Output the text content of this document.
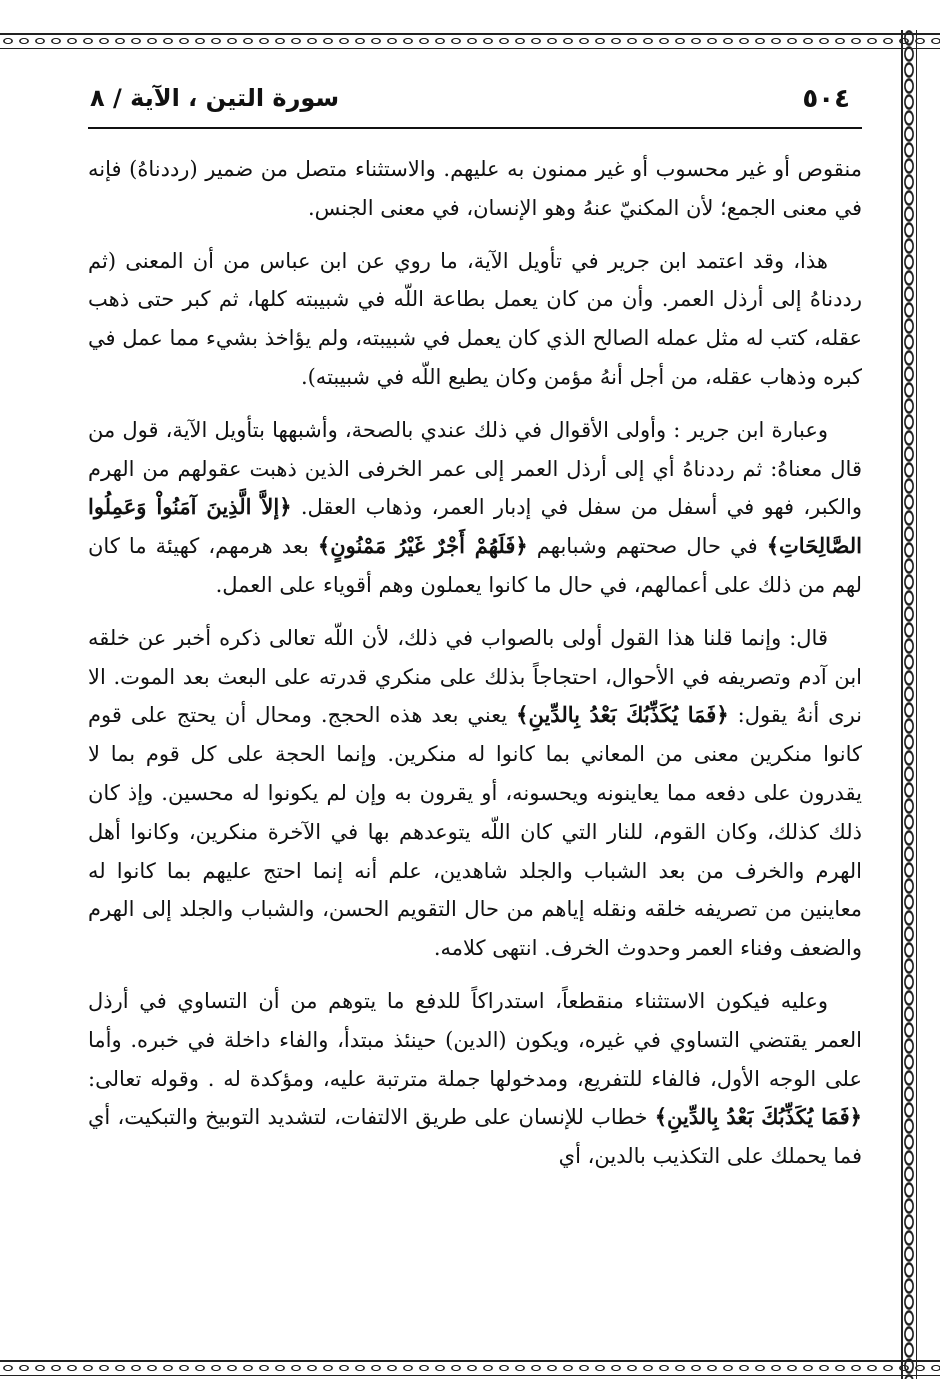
٥٠٤
سورة التين ، الآية / ٨

منقوص أو غير محسوب أو غير ممنون به عليهم. والاستثناء متصل من ضمير (رددناهُ) فإنه في معنى الجمع؛ لأن المكنيّ عنهُ وهو الإنسان، في معنى الجنس.

هذا، وقد اعتمد ابن جرير في تأويل الآية، ما روي عن ابن عباس من أن المعنى (ثم رددناهُ إلى أرذل العمر. وأن من كان يعمل بطاعة اللّه في شبيبته كلها، ثم كبر حتى ذهب عقله، كتب له مثل عمله الصالح الذي كان يعمل في شبيبته، ولم يؤاخذ بشيء مما عمل في كبره وذهاب عقله، من أجل أنهُ مؤمن وكان يطيع اللّه في شبيبته).

وعبارة ابن جرير : وأولى الأقوال في ذلك عندي بالصحة، وأشبهها بتأويل الآية، قول من قال معناهُ: ثم رددناهُ أي إلى أرذل العمر إلى عمر الخرفى الذين ذهبت عقولهم من الهرم والكبر، فهو في أسفل من سفل في إدبار العمر، وذهاب العقل. ﴿إلاَّ الَّذِينَ آمَنُواْ وَعَمِلُوا الصَّالِحَاتِ﴾ في حال صحتهم وشبابهم ﴿فَلَهُمْ أَجْرٌ غَيْرُ مَمْنُونٍ﴾ بعد هرمهم، كهيئة ما كان لهم من ذلك على أعمالهم، في حال ما كانوا يعملون وهم أقوياء على العمل.

قال: وإنما قلنا هذا القول أولى بالصواب في ذلك، لأن اللّه تعالى ذكره أخبر عن خلقه ابن آدم وتصريفه في الأحوال، احتجاجاً بذلك على منكري قدرته على البعث بعد الموت. الا نرى أنهُ يقول: ﴿فَمَا يُكَذِّبُكَ بَعْدُ بِالدِّينِ﴾ يعني بعد هذه الحجج. ومحال أن يحتج على قوم كانوا منكرين معنى من المعاني بما كانوا له منكرين. وإنما الحجة على كل قوم بما لا يقدرون على دفعه مما يعاينونه ويحسونه، أو يقرون به وإن لم يكونوا له محسين. وإذ كان ذلك كذلك، وكان القوم، للنار التي كان اللّه يتوعدهم بها في الآخرة منكرين، وكانوا أهل الهرم والخرف من بعد الشباب والجلد شاهدين، علم أنه إنما احتج عليهم بما كانوا له معاينين من تصريفه خلقه ونقله إياهم من حال التقويم الحسن، والشباب والجلد إلى الهرم والضعف وفناء العمر وحدوث الخرف. انتهى كلامه.

وعليه فيكون الاستثناء منقطعاً، استدراكاً للدفع ما يتوهم من أن التساوي في أرذل العمر يقتضي التساوي في غيره، ويكون (الدين) حينئذ مبتدأ، والفاء داخلة في خبره. وأما على الوجه الأول، فالفاء للتفريع، ومدخولها جملة مترتبة عليه، ومؤكدة له . وقوله تعالى: ﴿فَمَا يُكَذِّبُكَ بَعْدُ بِالدِّينِ﴾ خطاب للإنسان على طريق الالتفات، لتشديد التوبيخ والتبكيت، أي فما يحملك على التكذيب بالدين، أي
